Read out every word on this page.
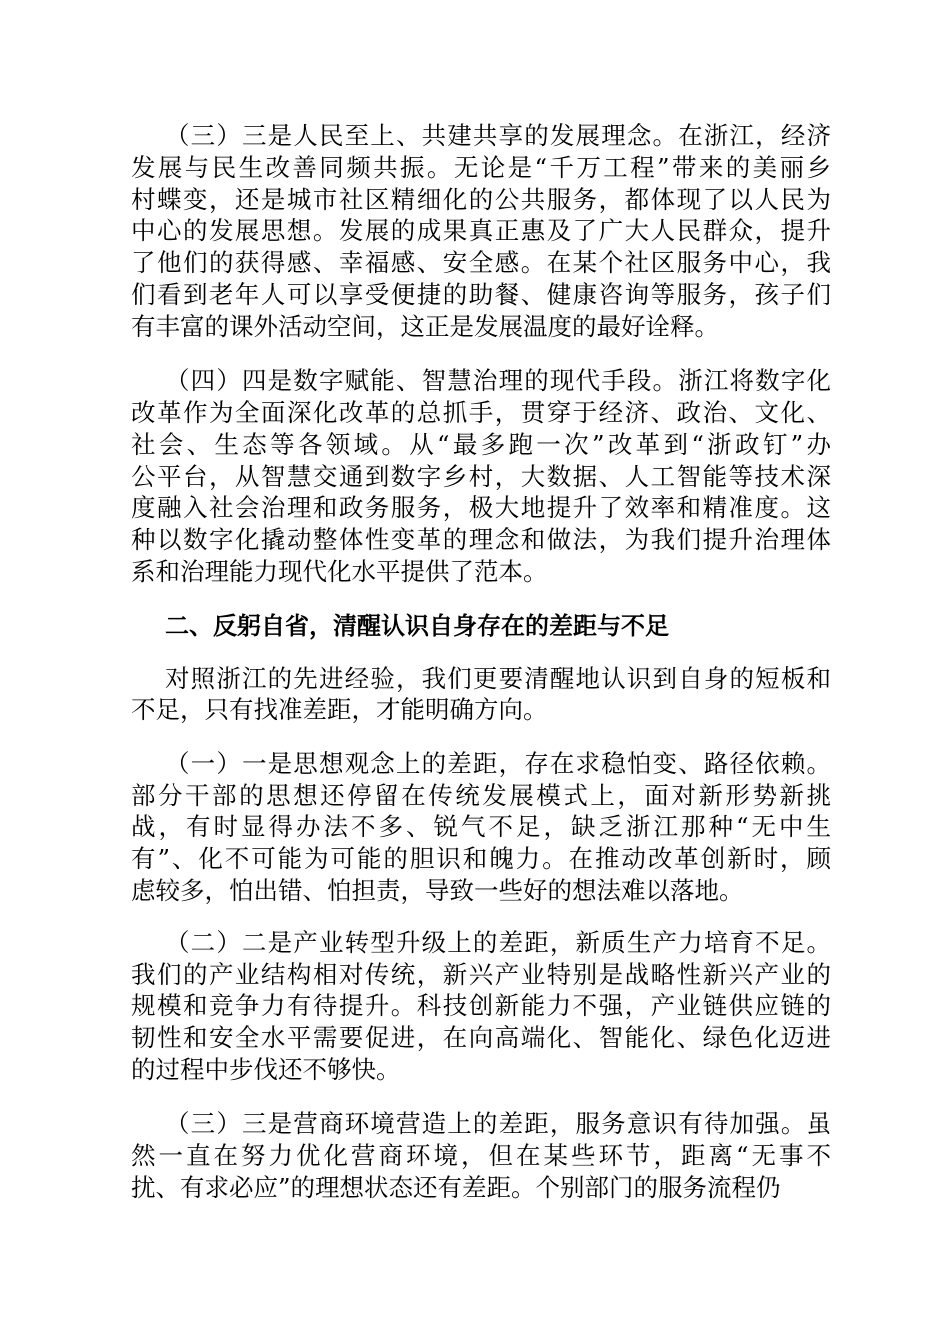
（三）三是人民至上、共建共享的发展理念。在浙江，经济
发展与民生改善同频共振。无论是“千万工程”带来的美丽乡
村蝶变，还是城市社区精细化的公共服务，都体现了以人民为
中心的发展思想。发展的成果真正惠及了广大人民群众，提升
了他们的获得感、幸福感、安全感。在某个社区服务中心，我
们看到老年人可以享受便捷的助餐、健康咨询等服务，孩子们
有丰富的课外活动空间，这正是发展温度的最好诠释。
（四）四是数字赋能、智慧治理的现代手段。浙江将数字化
改革作为全面深化改革的总抓手，贯穿于经济、政治、文化、
社会、生态等各领域。从“最多跑一次”改革到“浙政钉”办
公平台，从智慧交通到数字乡村，大数据、人工智能等技术深
度融入社会治理和政务服务，极大地提升了效率和精准度。这
种以数字化撬动整体性变革的理念和做法，为我们提升治理体
系和治理能力现代化水平提供了范本。
二、反躬自省，清醒认识自身存在的差距与不足
对照浙江的先进经验，我们更要清醒地认识到自身的短板和
不足，只有找准差距，才能明确方向。
（一）一是思想观念上的差距，存在求稳怕变、路径依赖。
部分干部的思想还停留在传统发展模式上，面对新形势新挑
战，有时显得办法不多、锐气不足，缺乏浙江那种“无中生
有”、化不可能为可能的胆识和魄力。在推动改革创新时，顾
虑较多，怕出错、怕担责，导致一些好的想法难以落地。
（二）二是产业转型升级上的差距，新质生产力培育不足。
我们的产业结构相对传统，新兴产业特别是战略性新兴产业的
规模和竞争力有待提升。科技创新能力不强，产业链供应链的
韧性和安全水平需要促进，在向高端化、智能化、绿色化迈进
的过程中步伐还不够快。
（三）三是营商环境营造上的差距，服务意识有待加强。虽
然一直在努力优化营商环境，但在某些环节，距离“无事不
扰、有求必应”的理想状态还有差距。个别部门的服务流程仍
